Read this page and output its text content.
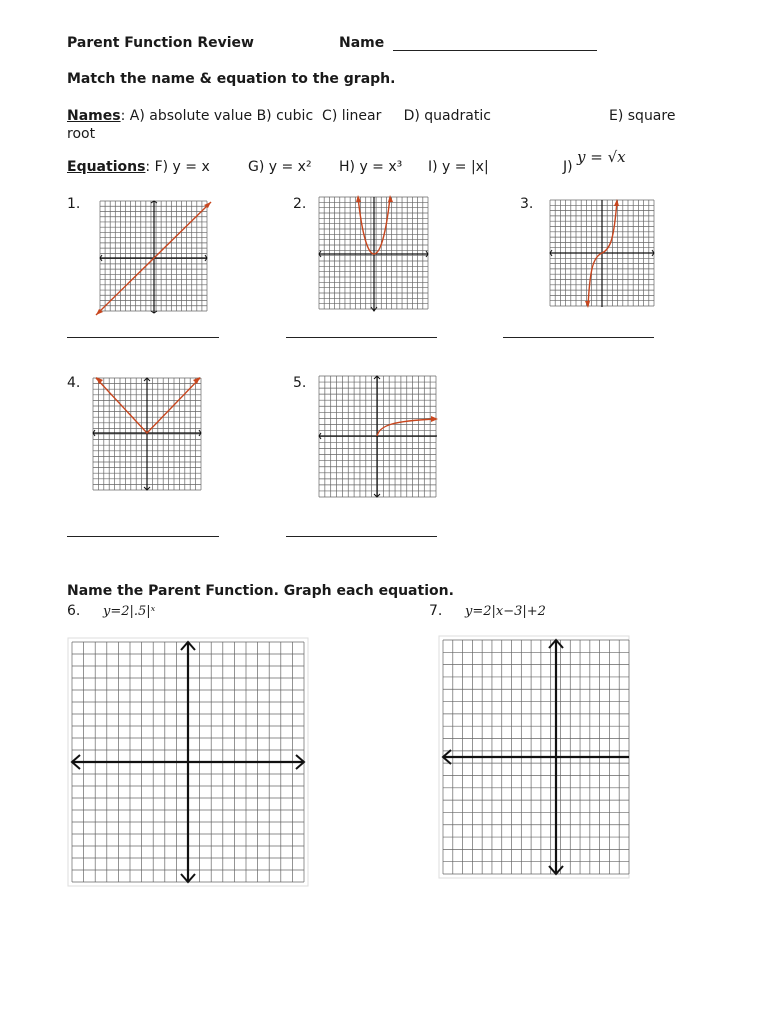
Parent Function Review	Name
Match the name & equation to the graph.
Names: A) absolute value B) cubic  C) linear     D) quadratic	E) square
root
Equations: F) y = x	G) y = x² H) y = x³ I) y = |x|	J)
y = √x
1.	2.	3.
4.	5.
Name the Parent Function. Graph each equation.
6. y=2|.5|ˣ	7. y=2|x−3|+2
